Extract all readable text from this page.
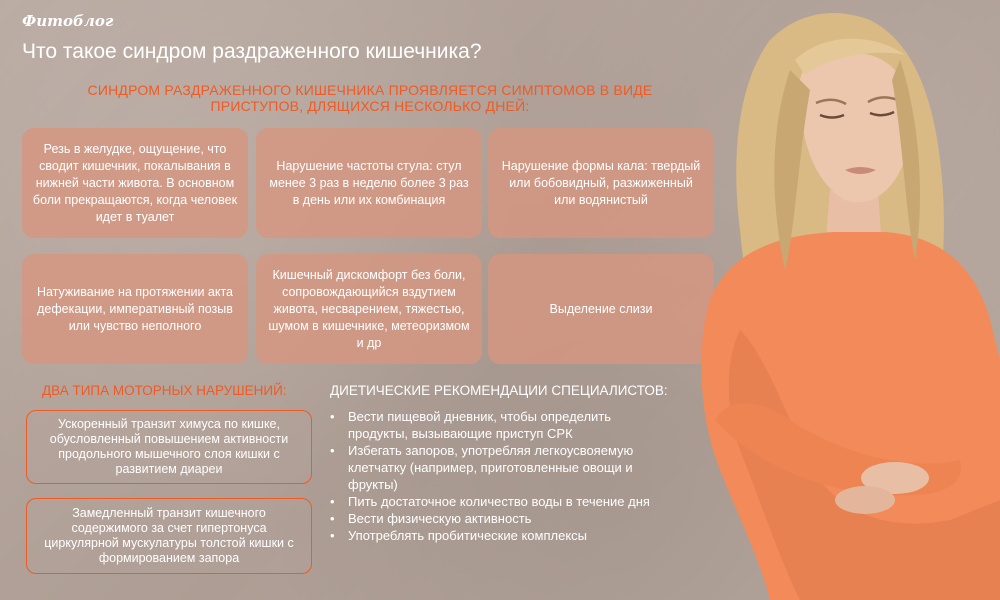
Фитоблог
Что такое синдром раздраженного кишечника?
СИНДРОМ РАЗДРАЖЕННОГО КИШЕЧНИКА ПРОЯВЛЯЕТСЯ СИМПТОМОВ В ВИДЕ ПРИСТУПОВ, ДЛЯЩИХСЯ НЕСКОЛЬКО ДНЕЙ:
Резь в желудке, ощущение, что сводит кишечник, покалывания в нижней части живота. В основном боли прекращаются, когда человек идет в туалет
Нарушение частоты стула: стул менее 3 раз в неделю более 3 раз в день или их комбинация
Нарушение формы кала: твердый или бобовидный, разжиженный или водянистый
Натуживание на протяжении акта дефекации, императивный позыв или чувство неполного
Кишечный дискомфорт без боли, сопровождающийся вздутием живота, несварением, тяжестью, шумом в кишечнике, метеоризмом и др
Выделение слизи
ДВА ТИПА МОТОРНЫХ НАРУШЕНИЙ:	ДИЕТИЧЕСКИЕ РЕКОМЕНДАЦИИ СПЕЦИАЛИСТОВ:
Ускоренный транзит химуса по кишке, обусловленный повышением активности продольного мышечного слоя кишки с развитием диареи
Замедленный транзит кишечного содержимого за счет гипертонуса циркулярной мускулатуры толстой кишки с формированием запора
• Вести пищевой дневник, чтобы определить продукты, вызывающие приступ СРК
• Избегать запоров, употребляя легкоусвояемую клетчатку (например, приготовленные овощи и фрукты)
• Пить достаточное количество воды в течение дня
• Вести физическую активность
• Употреблять пробитические комплексы
